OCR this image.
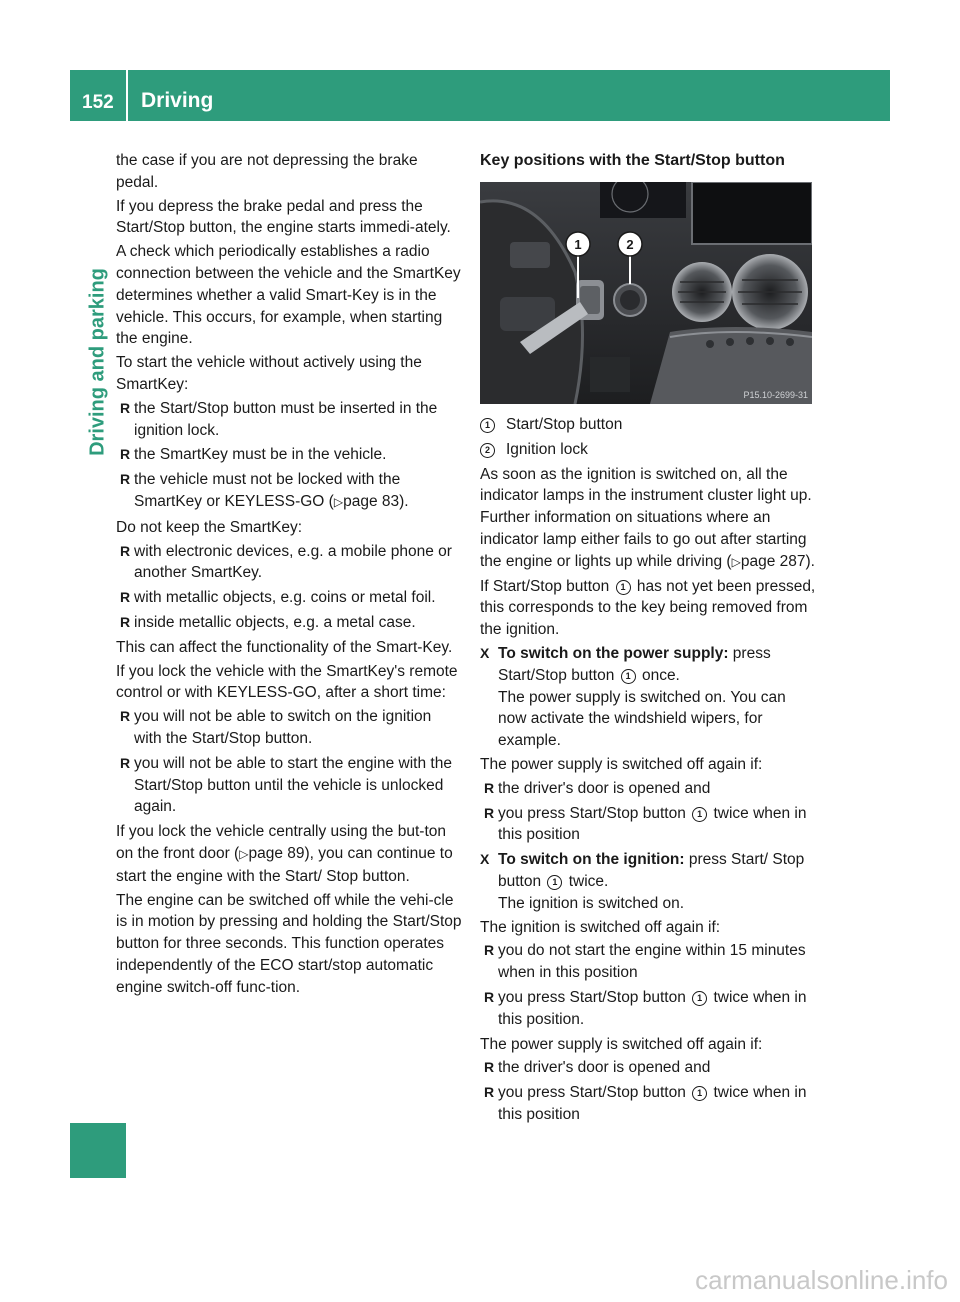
152 Driving
Driving and parking

the case if you are not depressing the brake pedal.

If you depress the brake pedal and press the Start/Stop button, the engine starts immedi-ately.

A check which periodically establishes a radio connection between the vehicle and the SmartKey determines whether a valid Smart-Key is in the vehicle. This occurs, for example, when starting the engine.

To start the vehicle without actively using the SmartKey:

R the Start/Stop button must be inserted in the ignition lock.
R the SmartKey must be in the vehicle.
R the vehicle must not be locked with the SmartKey or KEYLESS-GO (▷page 83).

Do not keep the SmartKey:

R with electronic devices, e.g. a mobile phone or another SmartKey.
R with metallic objects, e.g. coins or metal foil.
R inside metallic objects, e.g. a metal case.

This can affect the functionality of the Smart-Key.

If you lock the vehicle with the SmartKey's remote control or with KEYLESS-GO, after a short time:

R you will not be able to switch on the ignition with the Start/Stop button.
R you will not be able to start the engine with the Start/Stop button until the vehicle is unlocked again.

If you lock the vehicle centrally using the but-ton on the front door (▷page 89), you can continue to start the engine with the Start/ Stop button.

The engine can be switched off while the vehi-cle is in motion by pressing and holding the Start/Stop button for three seconds. This function operates independently of the ECO start/stop automatic engine switch-off func-tion.

Key positions with the Start/Stop button
1	2
P15.10-2699-31
1	Start/Stop button
2	Ignition lock

As soon as the ignition is switched on, all the indicator lamps in the instrument cluster light up. Further information on situations where an indicator lamp either fails to go out after starting the engine or lights up while driving (▷page 287).

If Start/Stop button 1 has not yet been pressed, this corresponds to the key being removed from the ignition.

X To switch on the power supply: press Start/Stop button 1 once.
The power supply is switched on. You can now activate the windshield wipers, for example.

The power supply is switched off again if:

R the driver's door is opened and
R you press Start/Stop button 1 twice when in this position
X To switch on the ignition: press Start/ Stop button 1 twice.
The ignition is switched on.

The ignition is switched off again if:

R you do not start the engine within 15 minutes when in this position
R you press Start/Stop button 1 twice when in this position.

The power supply is switched off again if:

R the driver's door is opened and
R you press Start/Stop button 1 twice when in this position
carmanualsonline.info
